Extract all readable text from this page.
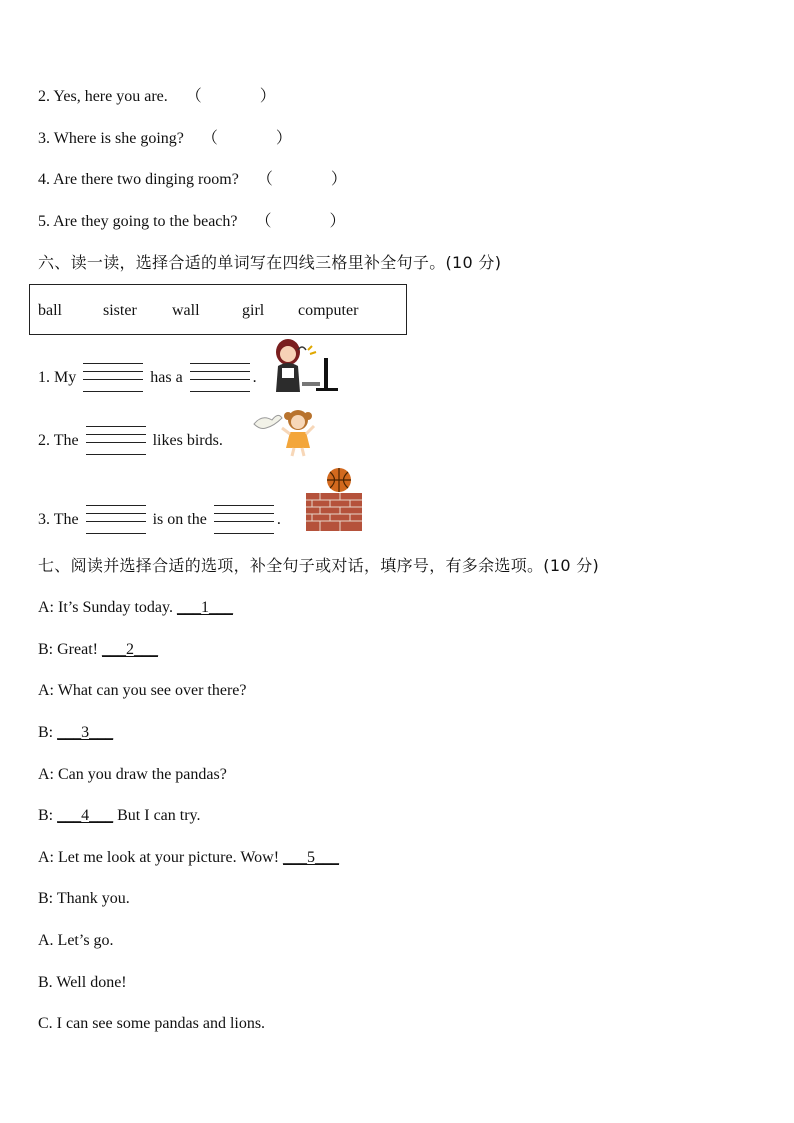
2. Yes, here you are. （	）
3. Where is she going? （	）
4. Are there two dinging room? （	）
5. Are they going to the beach? （	）
六、读一读，选择合适的单词写在四线三格里补全句子。(10 分)
ball	sister wall	girl computer
1. My	has a	.
2. The	likes birds.
3. The	is on the	.
七、阅读并选择合适的选项，补全句子或对话，填序号，有多余选项。(10 分)
A: It’s Sunday today. ___1___
B: Great! ___2___
A: What can you see over there?
B: ___3___
A: Can you draw the pandas?
B: ___4___ But I can try.
A: Let me look at your picture. Wow! ___5___
B: Thank you.
A. Let’s go.
B. Well done!
C. I can see some pandas and lions.
